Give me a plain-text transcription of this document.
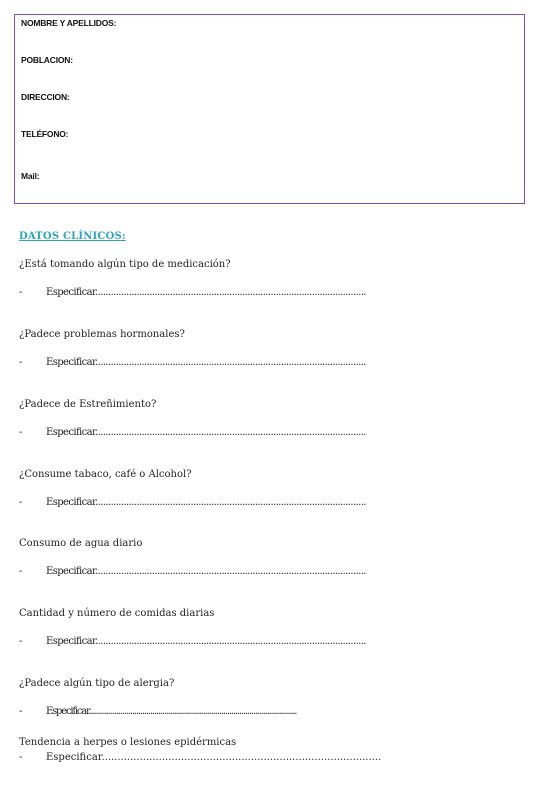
NOMBRE Y APELLIDOS:
POBLACION:
DIRECCION:
TELÉFONO:
Mail:
DATOS CLÍNICOS:
¿Está tomando algún tipo de medicación?
- Especificar.........................................................................................................
¿Padece problemas hormonales?
- Especificar.........................................................................................................
¿Padece de Estreñimiento?
- Especificar.........................................................................................................
¿Consume tabaco, café o Alcohol?
- Especificar.........................................................................................................
Consumo de agua diario
- Especificar.........................................................................................................
Cantidad y número de comidas diarias
- Especificar.........................................................................................................
¿Padece algún tipo de alergia?
- Especificar.........................................................................................................
Tendencia a herpes o lesiones epidérmicas
- Especificar........................................................................................
